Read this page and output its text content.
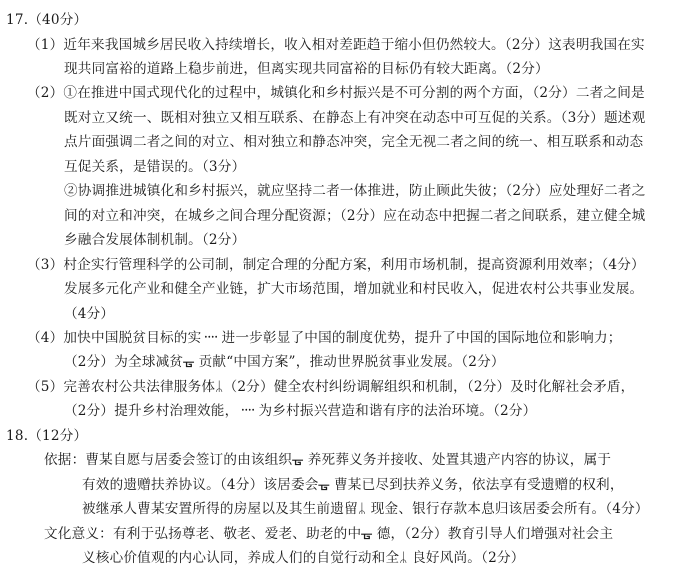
17.（40分）
（1）近年来我国城乡居民收入持续增长，收入相对差距趋于缩小但仍然较大。（2分）这表明我国在实
现共同富裕的道路上稳步前进，但离实现共同富裕的目标仍有较大距离。（2分）
（2）①在推进中国式现代化的过程中，城镇化和乡村振兴是不可分割的两个方面，（2分）二者之间是
既对立又统一、既相对独立又相互联系、在静态上有冲突在动态中可互促的关系。（3分）题述观
点片面强调二者之间的对立、相对独立和静态冲突，完全无视二者之间的统一、相互联系和动态
互促关系，是错误的。（3分）
②协调推进城镇化和乡村振兴，就应坚持二者一体推进，防止顾此失彼；（2分）应处理好二者之
间的对立和冲突，在城乡之间合理分配资源；（2分）应在动态中把握二者之间联系，建立健全城
乡融合发展体制机制。（2分）
（3）村企实行管理科学的公司制，制定合理的分配方案，利用市场机制，提高资源利用效率；（4分）
发展多元化产业和健全产业链，扩大市场范围，增加就业和村民收入，促进农村公共事业发展。
（4分）
（4）加快中国脱贫目标的实᠁ 进一步彰显了中国的制度优势，提升了中国的国际地位和影响力；
（2分）为全球减贫ᚗ 贡献“中国方案”，推动世界脱贫事业发展。（2分）
（5）完善农村公共法律服务体ᛦ（2分）健全农村纠纷调解组织和机制，（2分）及时化解社会矛盾，
（2分）提升乡村治理效能，᠁ 为乡村振兴营造和谐有序的法治环境。（2分）
18.（12分）
依据：曹某自愿与居委会签订的由该组织ᚗ 养死葬义务并接收、处置其遗产内容的协议，属于
有效的遗赠扶养协议。（4分）该居委会ᚗ 曹某已尽到扶养义务，依法享有受遗赠的权利，
被继承人曹某安置所得的房屋以及其生前遗留ᛦ 现金、银行存款本息归该居委会所有。（4分）
文化意义：有利于弘扬尊老、敬老、爱老、助老的中ᚗ 德，（2分）教育引导人们增强对社会主
义核心价值观的内心认同，养成人们的自觉行动和全ᛦ 良好风尚。（2分）
